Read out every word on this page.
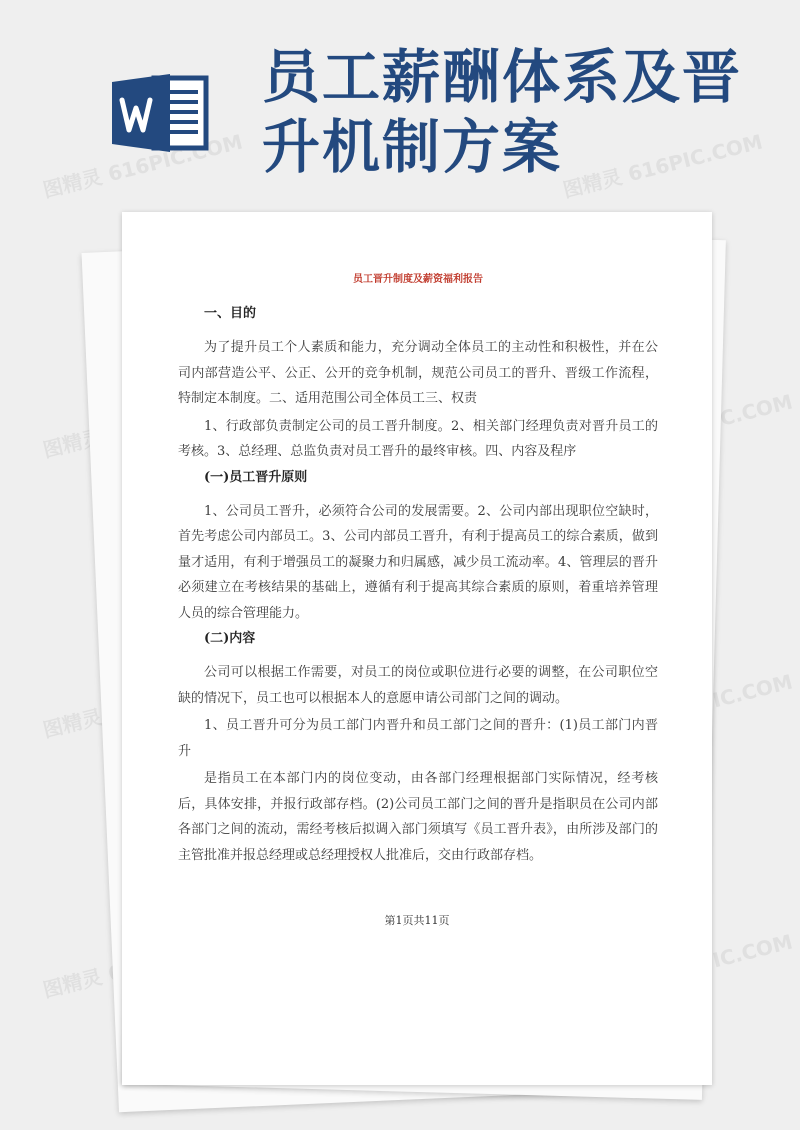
图精灵 616PIC.COM	图精灵 616PIC.COM
图精灵	616PIC.COM
图精灵	616PIC.COM
图精灵	616PIC.COM
员工薪酬体系及晋
升机制方案
员工晋升制度及薪资福利报告
一、目的

为了提升员工个人素质和能力，充分调动全体员工的主动性和积极性，并在公司内部营造公平、公正、公开的竞争机制，规范公司员工的晋升、晋级工作流程，特制定本制度。二、适用范围公司全体员工三、权责

1、行政部负责制定公司的员工晋升制度。2、相关部门经理负责对晋升员工的考核。3、总经理、总监负责对员工晋升的最终审核。四、内容及程序

(一)员工晋升原则

1、公司员工晋升，必须符合公司的发展需要。2、公司内部出现职位空缺时，首先考虑公司内部员工。3、公司内部员工晋升，有利于提高员工的综合素质，做到量才适用，有利于增强员工的凝聚力和归属感，减少员工流动率。4、管理层的晋升必须建立在考核结果的基础上，遵循有利于提高其综合素质的原则，着重培养管理人员的综合管理能力。

(二)内容

公司可以根据工作需要，对员工的岗位或职位进行必要的调整，在公司职位空缺的情况下，员工也可以根据本人的意愿申请公司部门之间的调动。

1、员工晋升可分为员工部门内晋升和员工部门之间的晋升：(1)员工部门内晋升

是指员工在本部门内的岗位变动，由各部门经理根据部门实际情况，经考核后，具体安排，并报行政部存档。(2)公司员工部门之间的晋升是指职员在公司内部各部门之间的流动，需经考核后拟调入部门须填写《员工晋升表》，由所涉及部门的主管批准并报总经理或总经理授权人批准后，交由行政部存档。

第1页共11页
